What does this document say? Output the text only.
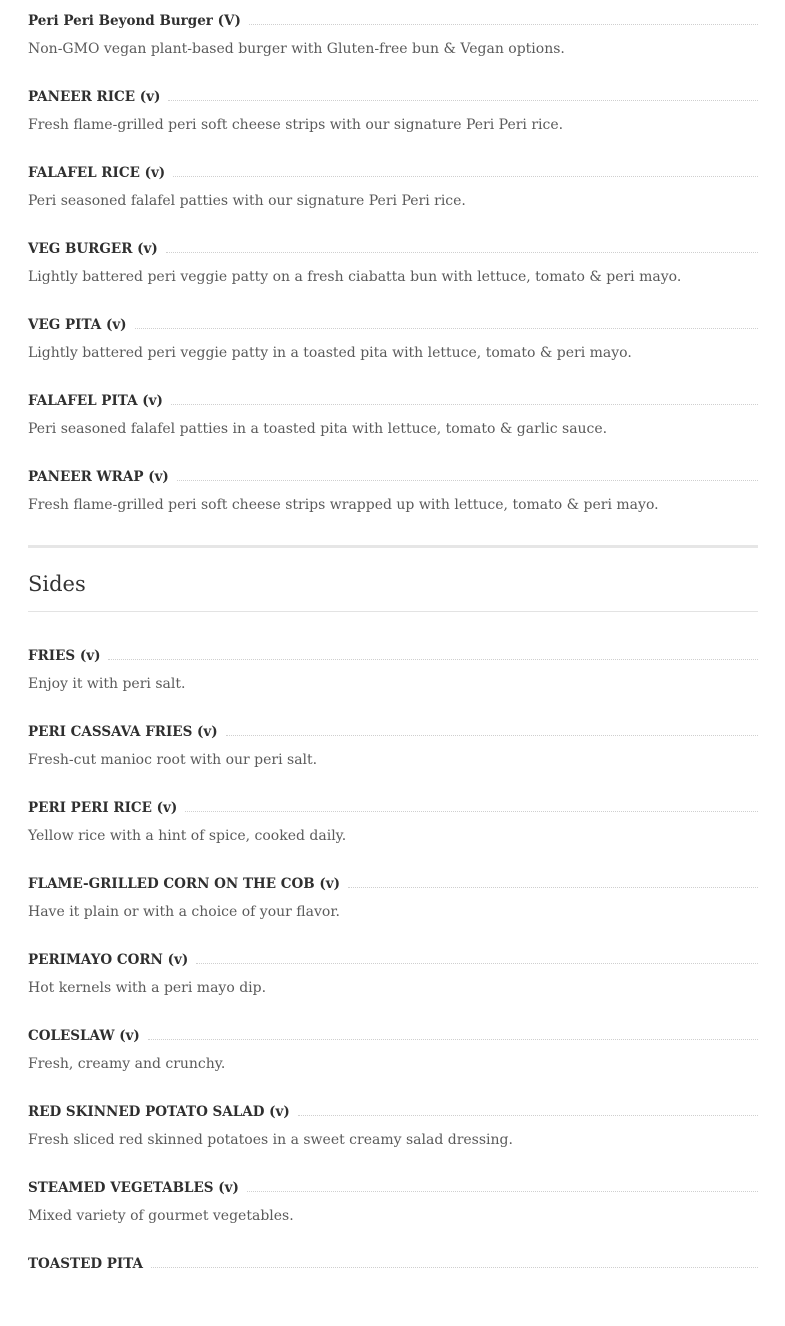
Peri Peri Beyond Burger (V)
Non-GMO vegan plant-based burger with Gluten-free bun & Vegan options.
PANEER RICE (v)
Fresh flame-grilled peri soft cheese strips with our signature Peri Peri rice.
FALAFEL RICE (v)
Peri seasoned falafel patties with our signature Peri Peri rice.
VEG BURGER (v)
Lightly battered peri veggie patty on a fresh ciabatta bun with lettuce, tomato & peri mayo.
VEG PITA (v)
Lightly battered peri veggie patty in a toasted pita with lettuce, tomato & peri mayo.
FALAFEL PITA (v)
Peri seasoned falafel patties in a toasted pita with lettuce, tomato & garlic sauce.
PANEER WRAP (v)
Fresh flame-grilled peri soft cheese strips wrapped up with lettuce, tomato & peri mayo.
Sides
FRIES (v)
Enjoy it with peri salt.
PERI CASSAVA FRIES (v)
Fresh-cut manioc root with our peri salt.
PERI PERI RICE (v)
Yellow rice with a hint of spice, cooked daily.
FLAME-GRILLED CORN ON THE COB (v)
Have it plain or with a choice of your flavor.
PERIMAYO CORN (v)
Hot kernels with a peri mayo dip.
COLESLAW (v)
Fresh, creamy and crunchy.
RED SKINNED POTATO SALAD (v)
Fresh sliced red skinned potatoes in a sweet creamy salad dressing.
STEAMED VEGETABLES (v)
Mixed variety of gourmet vegetables.
TOASTED PITA
